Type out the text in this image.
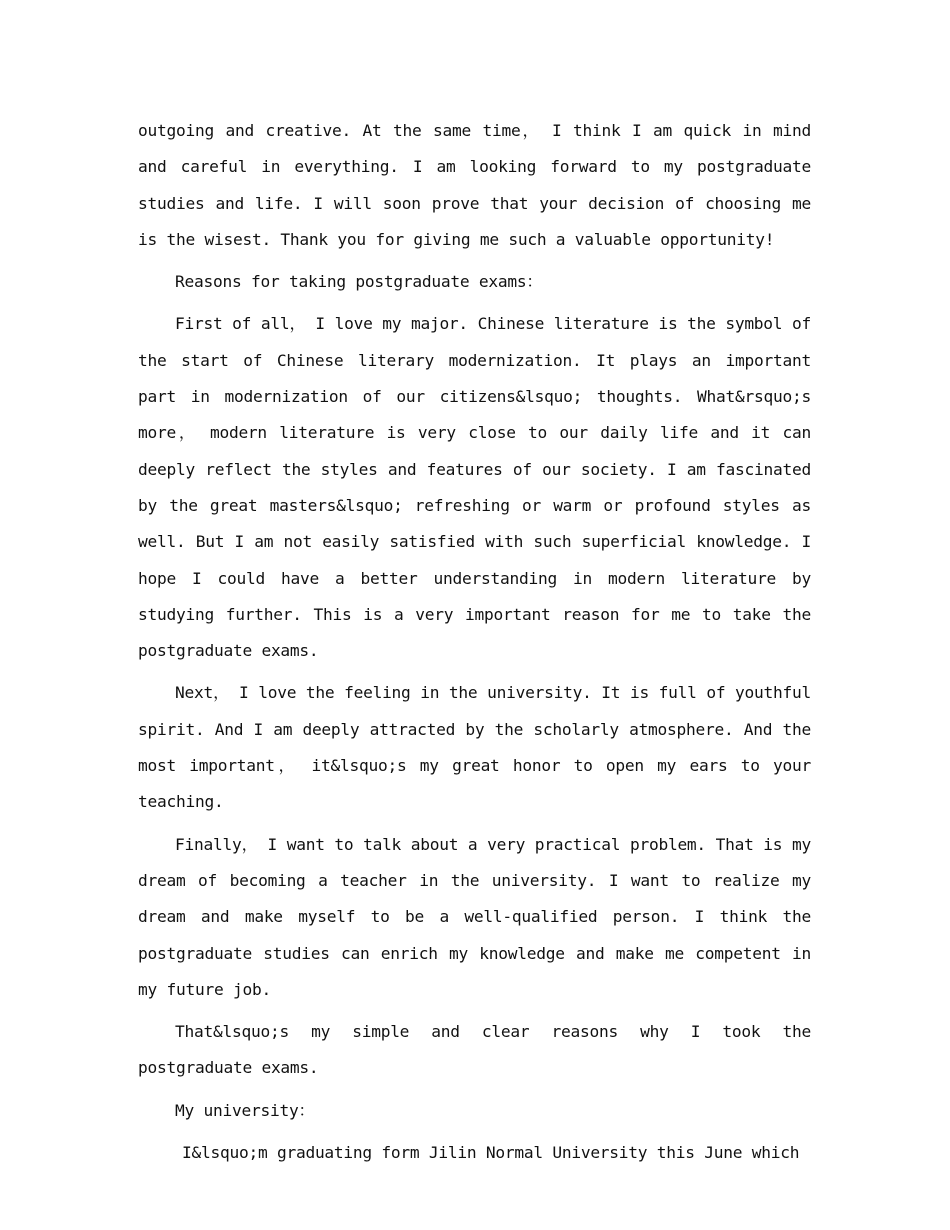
outgoing and creative. At the same time， I think I am quick in mind and careful in everything. I am looking forward to my postgraduate studies and life. I will soon prove that your decision of choosing me is the wisest. Thank you for giving me such a valuable opportunity!

Reasons for taking postgraduate exams：

First of all， I love my major. Chinese literature is the symbol of the start of Chinese literary modernization. It plays an important part in modernization of our citizens&lsquo; thoughts. What&rsquo;s more， modern literature is very close to our daily life and it can deeply reflect the styles and features of our society. I am fascinated by the great masters&lsquo; refreshing or warm or profound styles as well. But I am not easily satisfied with such superficial knowledge. I hope I could have a better understanding in modern literature by studying further. This is a very important reason for me to take the postgraduate exams.

Next， I love the feeling in the university. It is full of youthful spirit. And I am deeply attracted by the scholarly atmosphere. And the most important， it&lsquo;s my great honor to open my ears to your teaching.

Finally， I want to talk about a very practical problem. That is my dream of becoming a teacher in the university. I want to realize my dream and make myself to be a well-qualified person. I think the postgraduate studies can enrich my knowledge and make me competent in my future job.

That&lsquo;s my simple and clear reasons why I took the postgraduate exams.

My university：

I&lsquo;m graduating form Jilin Normal University this June which
